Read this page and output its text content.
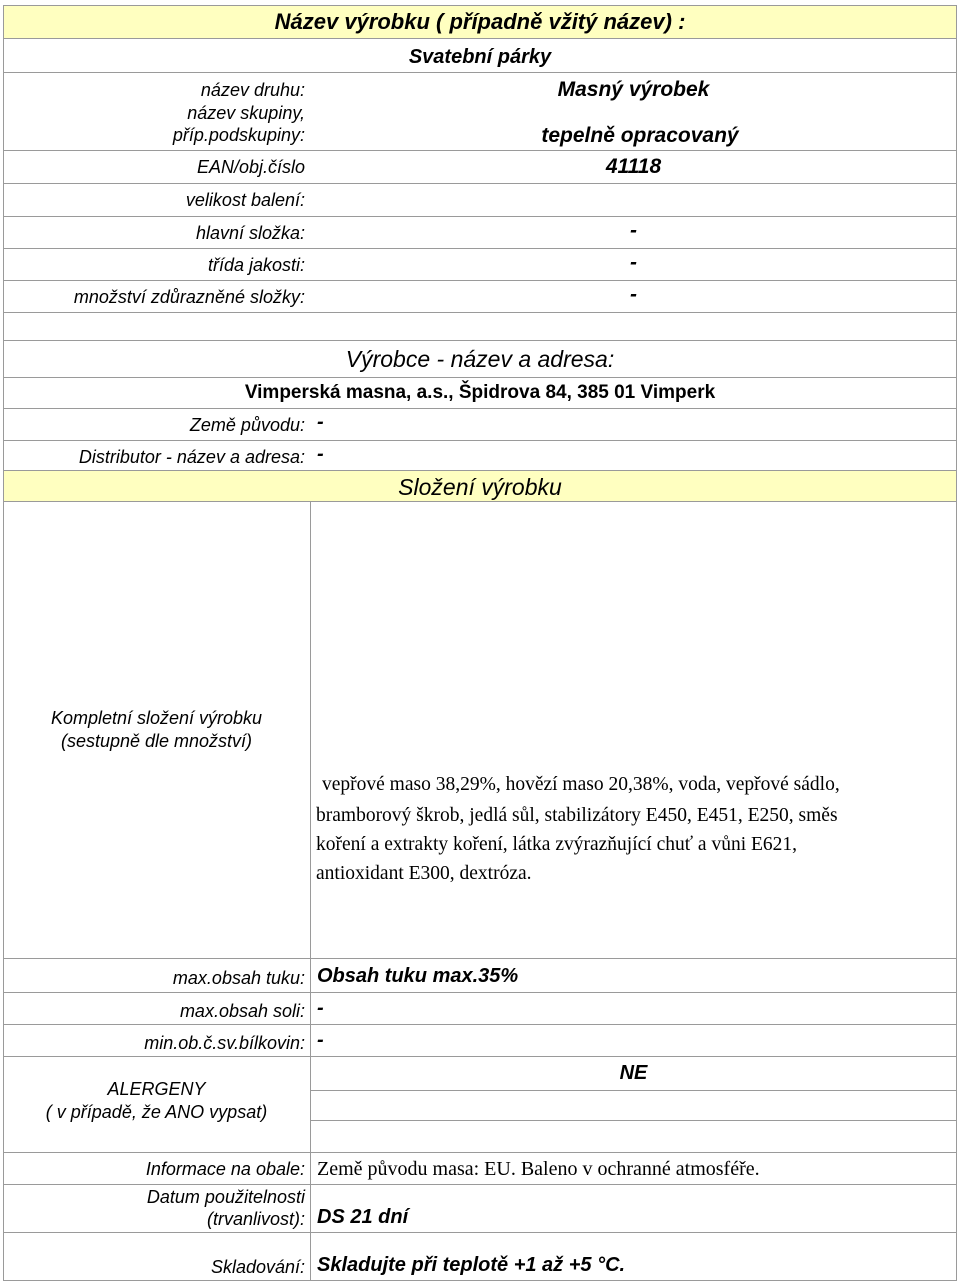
Název výrobku ( případně vžitý název) :
Svatební párky
název druhu:	Masný výrobek
název skupiny,
příp.podskupiny:	tepelně opracovaný
EAN/obj.číslo	41118
velikost balení:
hlavní složka:	-
třída jakosti:	-
množství zdůrazněné složky:	-
Výrobce - název a adresa:
Vimperská masna, a.s., Špidrova 84, 385 01 Vimperk
Země původu: -
Distributor - název a adresa: -
Složení výrobku
Kompletní složení výrobku
(sestupně dle množství)
vepřové maso 38,29%, hovězí maso 20,38%, voda, vepřové sádlo,
bramborový škrob, jedlá sůl, stabilizátory E450, E451, E250, směs
koření a extrakty koření, látka zvýrazňující chuť a vůni E621,
antioxidant E300, dextróza.
max.obsah tuku: Obsah tuku max.35%
max.obsah soli: -
min.ob.č.sv.bílkovin: -
ALERGENY
( v případě, že ANO vypsat)
NE
Informace na obale: Země původu masa: EU. Baleno v ochranné atmosféře.
Datum použitelnosti
(trvanlivost): DS 21 dní
Skladování: Skladujte při teplotě +1 až +5 °C.
